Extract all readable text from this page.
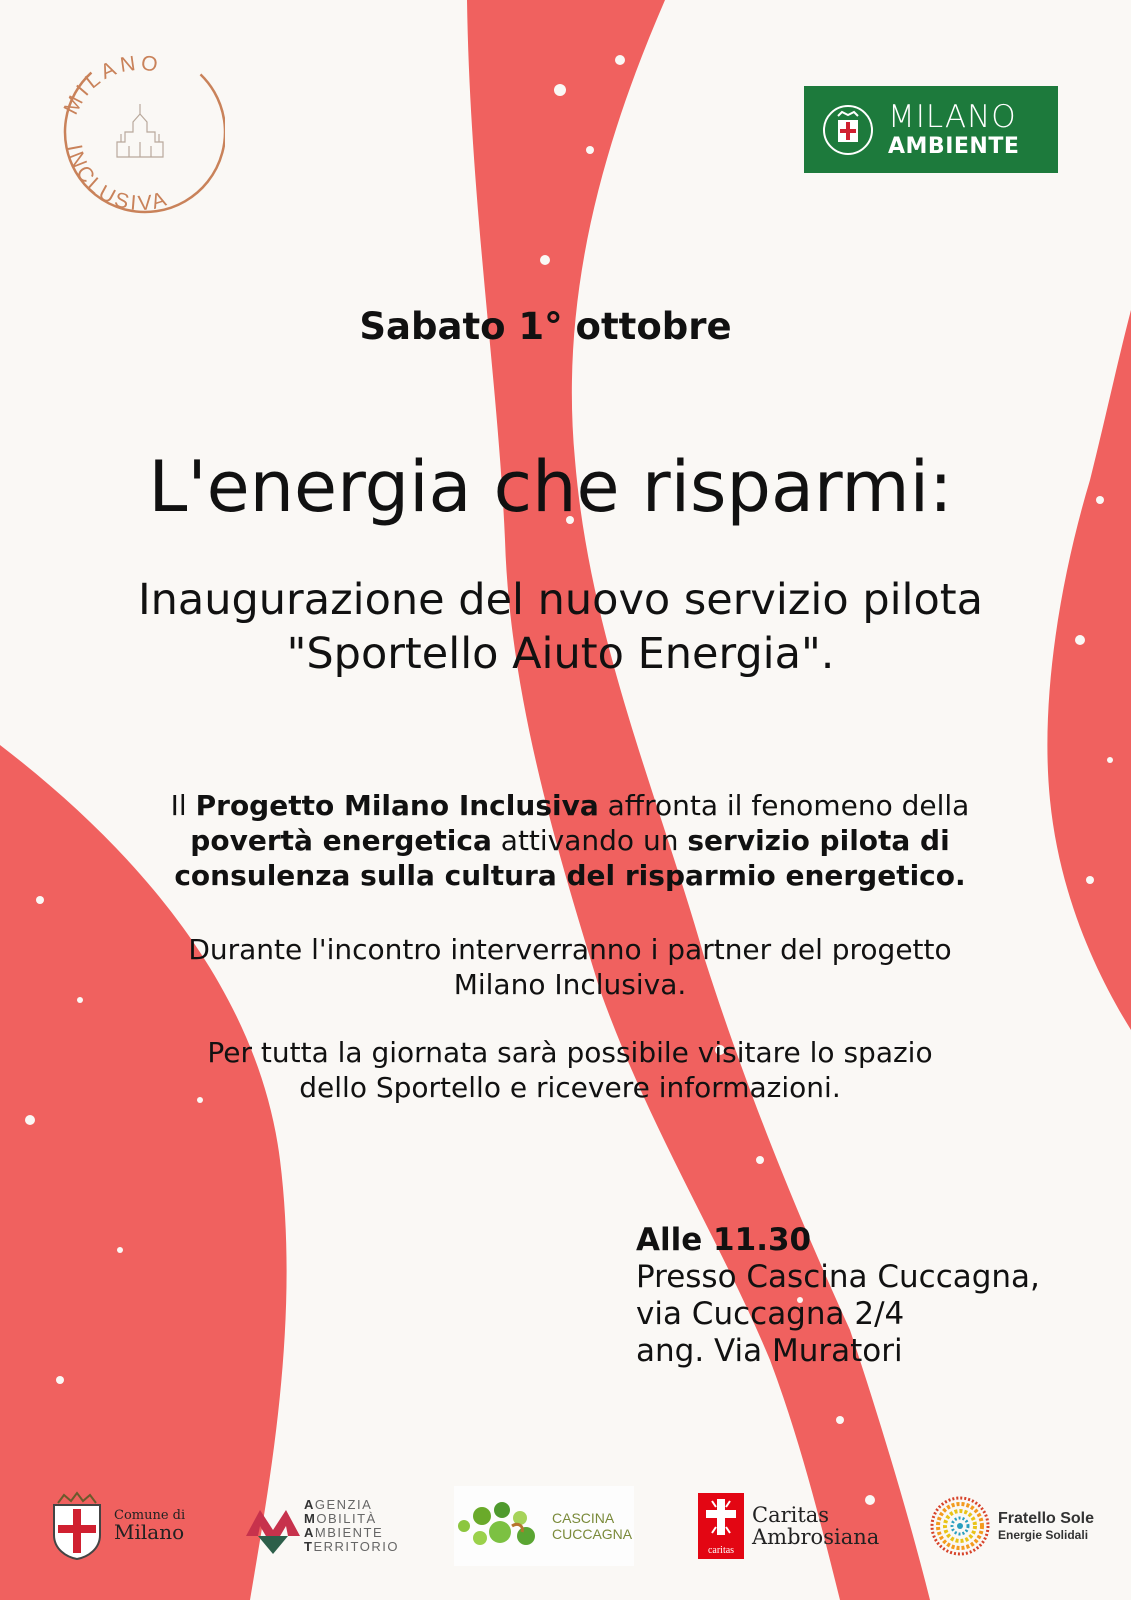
MILANO
INCLUSIVA
MILANO
AMBIENTE
Sabato 1° ottobre
L'energia che risparmi:
Inaugurazione del nuovo servizio pilota
"Sportello Aiuto Energia".
Il Progetto Milano Inclusiva affronta il fenomeno della
povertà energetica attivando un servizio pilota di
consulenza sulla cultura del risparmio energetico.
Durante l'incontro interverranno i partner del progetto
Milano Inclusiva.
Per tutta la giornata sarà possibile visitare lo spazio
dello Sportello e ricevere informazioni.
Alle 11.30
Presso Cascina Cuccagna,
via Cuccagna 2/4
ang. Via Muratori
Comune di
Milano
AGENZIA
MOBILITÀ
AMBIENTE
TERRITORIO
CASCINA
CUCCAGNA
caritas
Caritas
Ambrosiana
Fratello Sole
Energie Solidali
